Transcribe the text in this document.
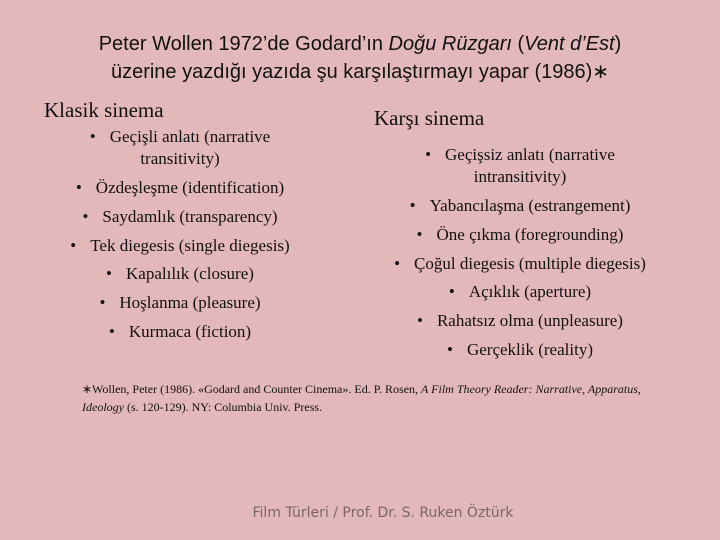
Peter Wollen 1972’de Godard’ın Doğu Rüzgarı (Vent d’Est)
üzerine yazdığı yazıda şu karşılaştırmayı yapar (1986)∗
Klasik sinema	Karşı sinema
• Geçişli anlatı (narrative
transitivity)
• Özdeşleşme (identification)
• Saydamlık (transparency)
• Tek diegesis (single diegesis)
• Kapalılık (closure)
• Hoşlanma (pleasure)
• Kurmaca (fiction)
• Geçişsiz anlatı (narrative
intransitivity)
• Yabancılaşma (estrangement)
• Öne çıkma (foregrounding)
• Çoğul diegesis (multiple diegesis)
• Açıklık (aperture)
• Rahatsız olma (unpleasure)
• Gerçeklik (reality)
∗Wollen, Peter (1986). «Godard and Counter Cinema». Ed. P. Rosen, A Film Theory Reader: Narrative, Apparatus, Ideology (s. 120-129). NY: Columbia Univ. Press.
Film Türleri / Prof. Dr. S. Ruken Öztürk
